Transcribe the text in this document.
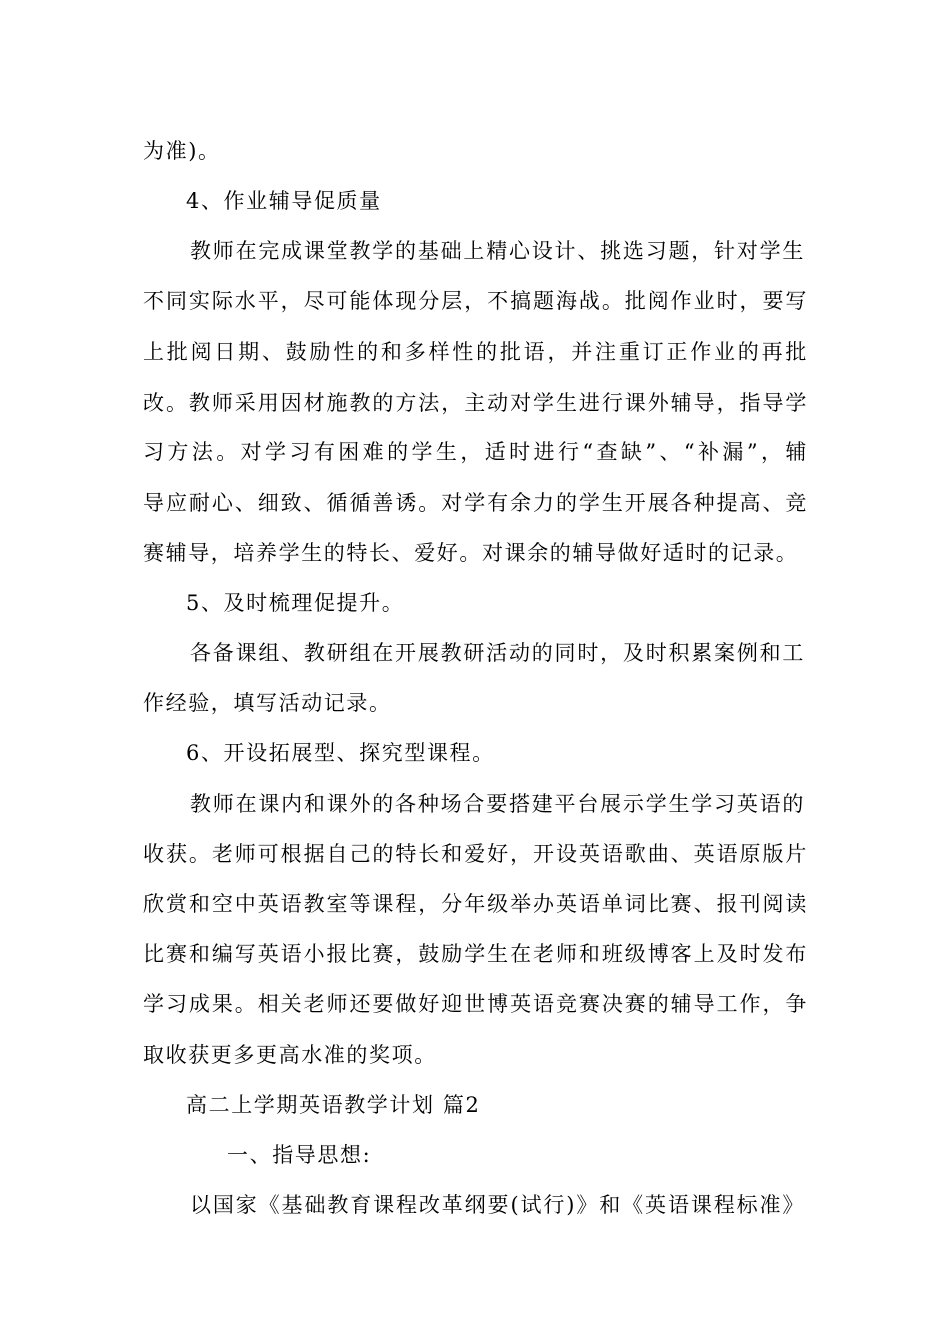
为准)。
4、作业辅导促质量
教师在完成课堂教学的基础上精心设计、挑选习题，针对学生
不同实际水平，尽可能体现分层，不搞题海战。批阅作业时，要写
上批阅日期、鼓励性的和多样性的批语，并注重订正作业的再批
改。教师采用因材施教的方法，主动对学生进行课外辅导，指导学
习方法。对学习有困难的学生，适时进行“查缺”、“补漏”，辅
导应耐心、细致、循循善诱。对学有余力的学生开展各种提高、竞
赛辅导，培养学生的特长、爱好。对课余的辅导做好适时的记录。
5、及时梳理促提升。
各备课组、教研组在开展教研活动的同时，及时积累案例和工
作经验，填写活动记录。
6、开设拓展型、探究型课程。
教师在课内和课外的各种场合要搭建平台展示学生学习英语的
收获。老师可根据自己的特长和爱好，开设英语歌曲、英语原版片
欣赏和空中英语教室等课程，分年级举办英语单词比赛、报刊阅读
比赛和编写英语小报比赛，鼓励学生在老师和班级博客上及时发布
学习成果。相关老师还要做好迎世博英语竞赛决赛的辅导工作，争
取收获更多更高水准的奖项。
高二上学期英语教学计划 篇2
一、指导思想:
以国家《基础教育课程改革纲要(试行)》和《英语课程标准》
